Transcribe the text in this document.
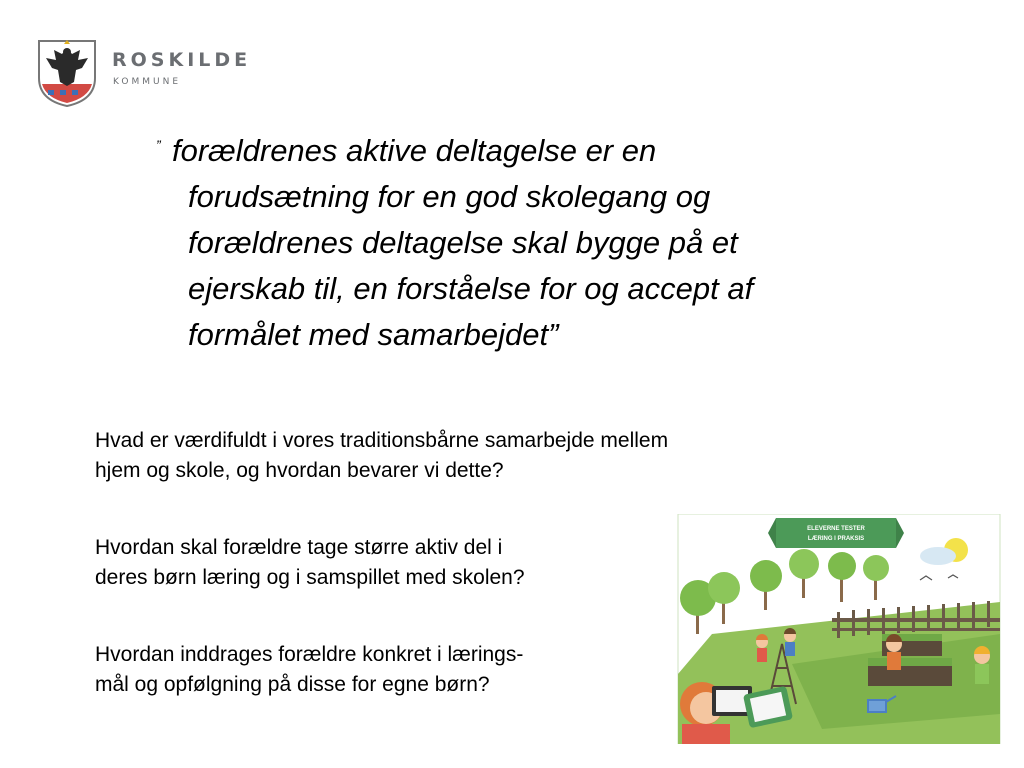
ROSKILDE
KOMMUNE
” forældrenes aktive deltagelse er en
forudsætning for en god skolegang og
forældrenes deltagelse skal bygge på et
ejerskab til, en forståelse for og accept af
formålet med samarbejdet”
Hvad er værdifuldt i vores traditionsbårne samarbejde mellem
hjem og skole, og hvordan bevarer vi dette?
Hvordan skal forældre tage større aktiv del i
deres børn læring og i samspillet med skolen?
Hvordan inddrages forældre konkret i lærings-
mål og opfølgning på disse for egne børn?
ELEVERNE TESTER
LÆRING I PRAKSIS
